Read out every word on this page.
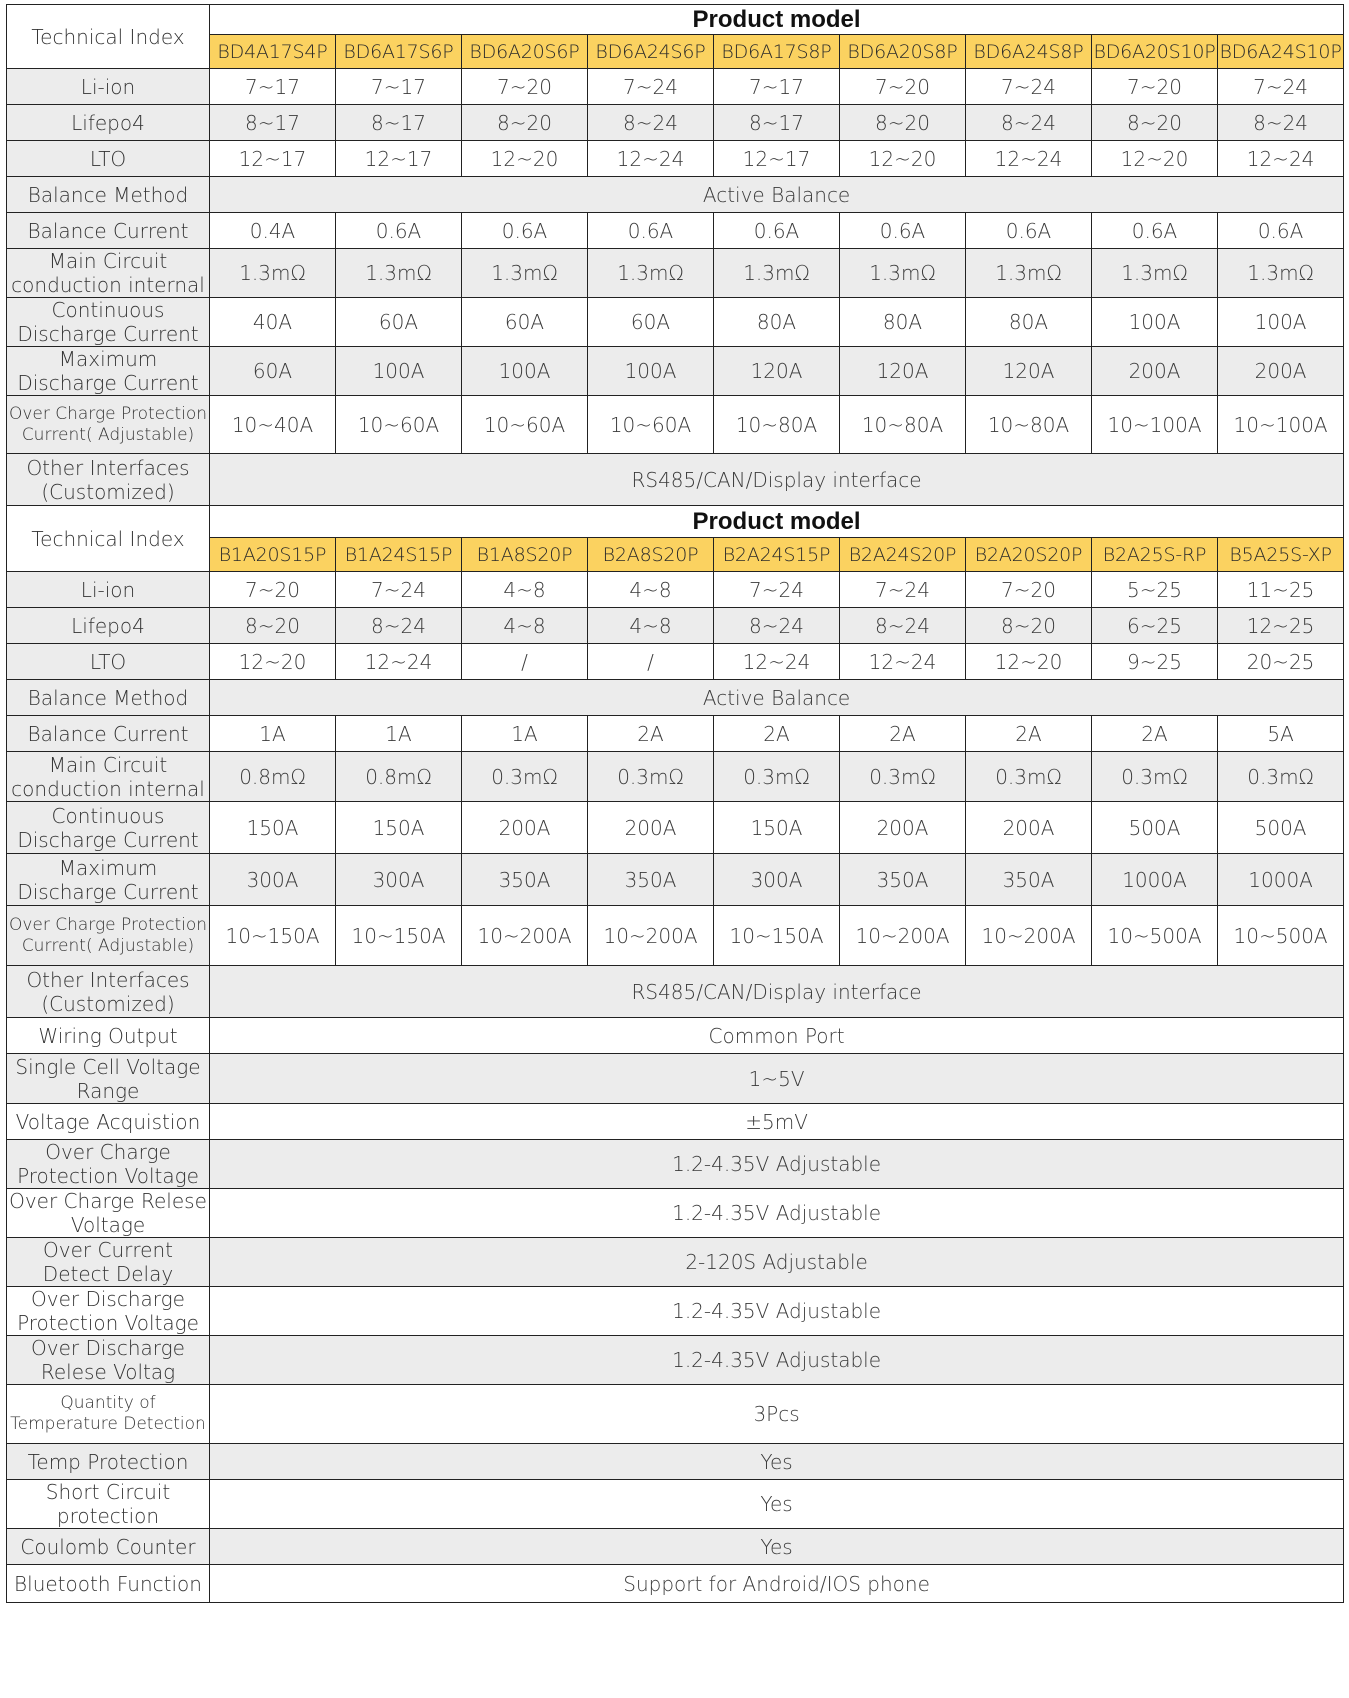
Technical Index	Product model								
	BD4A17S4P	BD6A17S6P	BD6A20S6P	BD6A24S6P	BD6A17S8P	BD6A20S8P	BD6A24S8P	BD6A20S10P	BD6A24S10P
Li-ion	7~17	7~17	7~20	7~24	7~17	7~20	7~24	7~20	7~24
Lifepo4	8~17	8~17	8~20	8~24	8~17	8~20	8~24	8~20	8~24
LTO	12~17	12~17	12~20	12~24	12~17	12~20	12~24	12~20	12~24
Balance Method	Active Balance								
Balance Current	0.4A	0.6A	0.6A	0.6A	0.6A	0.6A	0.6A	0.6A	0.6A
Main Circuit conduction internal	1.3mΩ	1.3mΩ	1.3mΩ	1.3mΩ	1.3mΩ	1.3mΩ	1.3mΩ	1.3mΩ	1.3mΩ
Continuous Discharge Current	40A	60A	60A	60A	80A	80A	80A	100A	100A
Maximum Discharge Current	60A	100A	100A	100A	120A	120A	120A	200A	200A
Over Charge Protection Current( Adjustable)	10~40A	10~60A	10~60A	10~60A	10~80A	10~80A	10~80A	10~100A	10~100A
Other Interfaces (Customized)	RS485/CAN/Display interface								
Technical Index	Product model								
	B1A20S15P	B1A24S15P	B1A8S20P	B2A8S20P	B2A24S15P	B2A24S20P	B2A20S20P	B2A25S-RP	B5A25S-XP
Li-ion	7~20	7~24	4~8	4~8	7~24	7~24	7~20	5~25	11~25
Lifepo4	8~20	8~24	4~8	4~8	8~24	8~24	8~20	6~25	12~25
LTO	12~20	12~24	/	/	12~24	12~24	12~20	9~25	20~25
Balance Method	Active Balance								
Balance Current	1A	1A	1A	2A	2A	2A	2A	2A	5A
Main Circuit conduction internal	0.8mΩ	0.8mΩ	0.3mΩ	0.3mΩ	0.3mΩ	0.3mΩ	0.3mΩ	0.3mΩ	0.3mΩ
Continuous Discharge Current	150A	150A	200A	200A	150A	200A	200A	500A	500A
Maximum Discharge Current	300A	300A	350A	350A	300A	350A	350A	1000A	1000A
Over Charge Protection Current( Adjustable)	10~150A	10~150A	10~200A	10~200A	10~150A	10~200A	10~200A	10~500A	10~500A
Other Interfaces (Customized)	RS485/CAN/Display interface								
Wiring Output	Common Port								
Single Cell Voltage Range	1~5V								
Voltage Acquistion	±5mV								
Over Charge Protection Voltage	1.2-4.35V Adjustable								
Over Charge Relese Voltage	1.2-4.35V Adjustable								
Over Current Detect Delay	2-120S Adjustable								
Over Discharge Protection Voltage	1.2-4.35V Adjustable								
Over Discharge Relese Voltag	1.2-4.35V Adjustable								
Quantity of Temperature Detection	3Pcs								
Temp Protection	Yes								
Short Circuit protection	Yes								
Coulomb Counter	Yes								
Bluetooth Function	Support for Android/IOS phone								
